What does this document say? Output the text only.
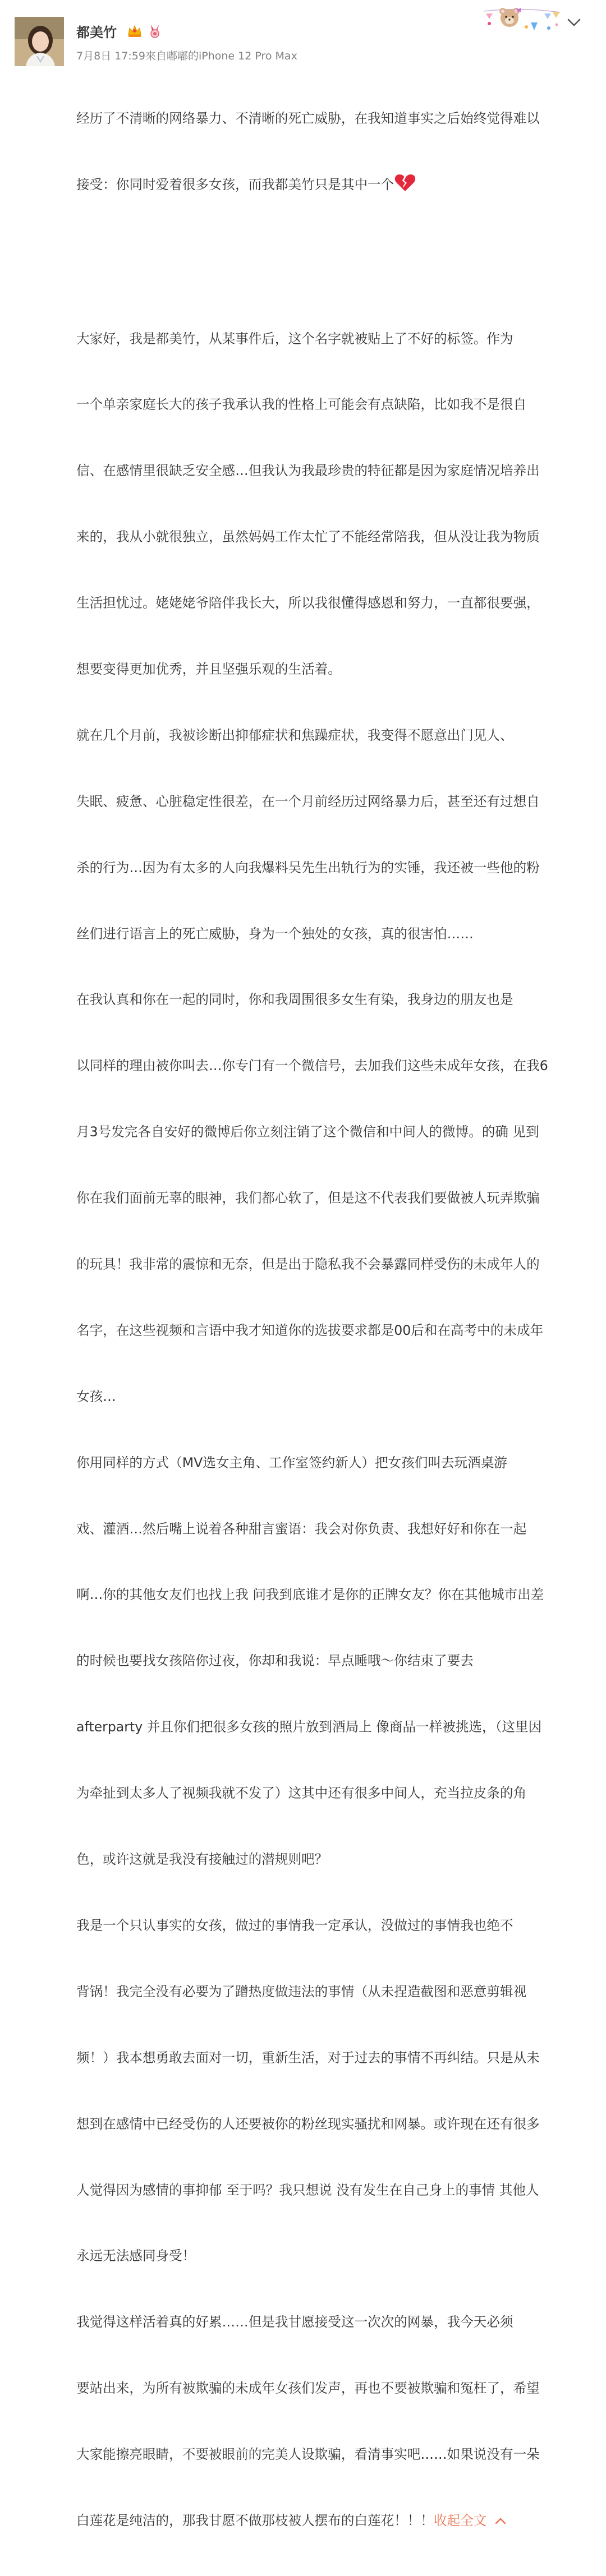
都美竹
7月8日 17:59來自嘟嘟的iPhone 12 Pro Max

经历了不清晰的网络暴力、不清晰的死亡威胁，在我知道事实之后始终觉得难以

接受：你同时爱着很多女孩，而我都美竹只是其中一个

大家好，我是都美竹，从某事件后，这个名字就被贴上了不好的标签。作为

一个单亲家庭长大的孩子我承认我的性格上可能会有点缺陷，比如我不是很自

信、在感情里很缺乏安全感…但我认为我最珍贵的特征都是因为家庭情况培养出

来的，我从小就很独立，虽然妈妈工作太忙了不能经常陪我，但从没让我为物质

生活担忧过。姥姥姥爷陪伴我长大，所以我很懂得感恩和努力，一直都很要强，

想要变得更加优秀，并且坚强乐观的生活着。

就在几个月前，我被诊断出抑郁症状和焦躁症状，我变得不愿意出门见人、

失眠、疲惫、心脏稳定性很差，在一个月前经历过网络暴力后，甚至还有过想自

杀的行为…因为有太多的人向我爆料吴先生出轨行为的实锤，我还被一些他的粉

丝们进行语言上的死亡威胁，身为一个独处的女孩，真的很害怕……

在我认真和你在一起的同时，你和我周围很多女生有染，我身边的朋友也是

以同样的理由被你叫去…你专门有一个微信号，去加我们这些未成年女孩，在我6

月3号发完各自安好的微博后你立刻注销了这个微信和中间人的微博。的确 见到

你在我们面前无辜的眼神，我们都心软了，但是这不代表我们要做被人玩弄欺骗

的玩具！我非常的震惊和无奈，但是出于隐私我不会暴露同样受伤的未成年人的

名字，在这些视频和言语中我才知道你的选拔要求都是00后和在高考中的未成年

女孩…

你用同样的方式（MV选女主角、工作室签约新人）把女孩们叫去玩酒桌游

戏、灌酒…然后嘴上说着各种甜言蜜语：我会对你负责、我想好好和你在一起

啊…你的其他女友们也找上我 问我到底谁才是你的正牌女友？你在其他城市出差

的时候也要找女孩陪你过夜，你却和我说：早点睡哦～你结束了要去

afterparty 并且你们把很多女孩的照片放到酒局上 像商品一样被挑选，（这里因

为牵扯到太多人了视频我就不发了）这其中还有很多中间人，充当拉皮条的角

色，或许这就是我没有接触过的潜规则吧？

我是一个只认事实的女孩，做过的事情我一定承认，没做过的事情我也绝不

背锅！我完全没有必要为了蹭热度做违法的事情（从未捏造截图和恶意剪辑视

频！）我本想勇敢去面对一切，重新生活，对于过去的事情不再纠结。只是从未

想到在感情中已经受伤的人还要被你的粉丝现实骚扰和网暴。或许现在还有很多

人觉得因为感情的事抑郁 至于吗？我只想说 没有发生在自己身上的事情 其他人

永远无法感同身受！

我觉得这样活着真的好累……但是我甘愿接受这一次次的网暴，我今天必须

要站出来，为所有被欺骗的未成年女孩们发声，再也不要被欺骗和冤枉了，希望

大家能擦亮眼睛，不要被眼前的完美人设欺骗，看清事实吧……如果说没有一朵

白莲花是纯洁的，那我甘愿不做那枝被人摆布的白莲花！！！收起全文
